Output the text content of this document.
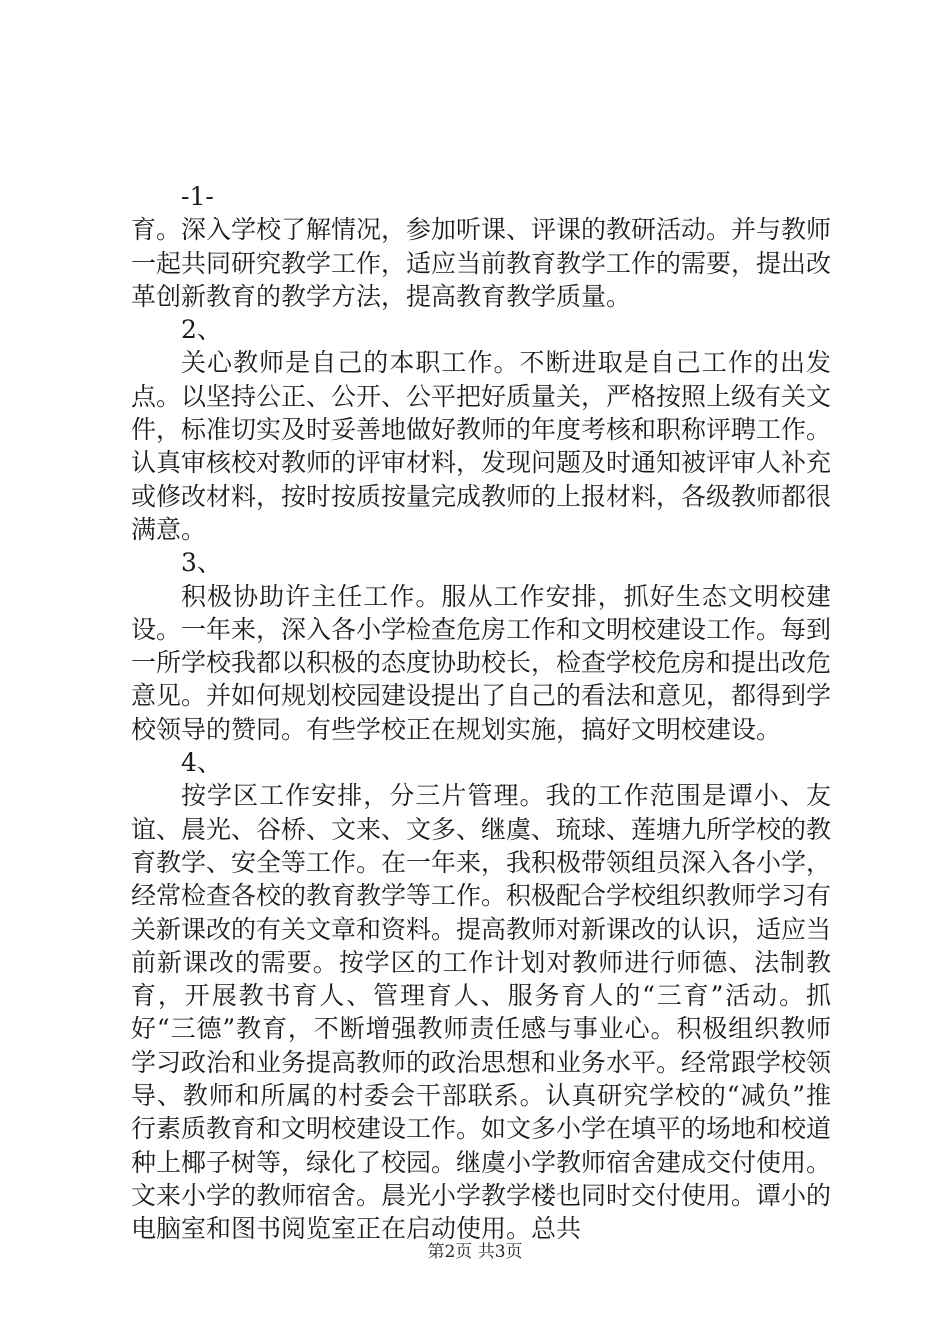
-1-

育。深入学校了解情况，参加听课、评课的教研活动。并与教师一起共同研究教学工作，适应当前教育教学工作的需要，提出改革创新教育的教学方法，提高教育教学质量。

2、

关心教师是自己的本职工作。不断进取是自己工作的出发点。以坚持公正、公开、公平把好质量关，严格按照上级有关文件，标准切实及时妥善地做好教师的年度考核和职称评聘工作。认真审核校对教师的评审材料，发现问题及时通知被评审人补充或修改材料，按时按质按量完成教师的上报材料，各级教师都很满意。

3、

积极协助许主任工作。服从工作安排，抓好生态文明校建设。一年来，深入各小学检查危房工作和文明校建设工作。每到一所学校我都以积极的态度协助校长，检查学校危房和提出改危意见。并如何规划校园建设提出了自己的看法和意见，都得到学校领导的赞同。有些学校正在规划实施，搞好文明校建设。

4、

按学区工作安排，分三片管理。我的工作范围是谭小、友谊、晨光、谷桥、文来、文多、继虞、琉球、莲塘九所学校的教育教学、安全等工作。在一年来，我积极带领组员深入各小学，经常检查各校的教育教学等工作。积极配合学校组织教师学习有关新课改的有关文章和资料。提高教师对新课改的认识，适应当前新课改的需要。按学区的工作计划对教师进行师德、法制教育，开展教书育人、管理育人、服务育人的“三育”活动。抓好“三德”教育，不断增强教师责任感与事业心。积极组织教师学习政治和业务提高教师的政治思想和业务水平。经常跟学校领导、教师和所属的村委会干部联系。认真研究学校的“减负”推行素质教育和文明校建设工作。如文多小学在填平的场地和校道种上椰子树等，绿化了校园。继虞小学教师宿舍建成交付使用。文来小学的教师宿舍。晨光小学教学楼也同时交付使用。谭小的电脑室和图书阅览室正在启动使用。总共

第2页 共3页
